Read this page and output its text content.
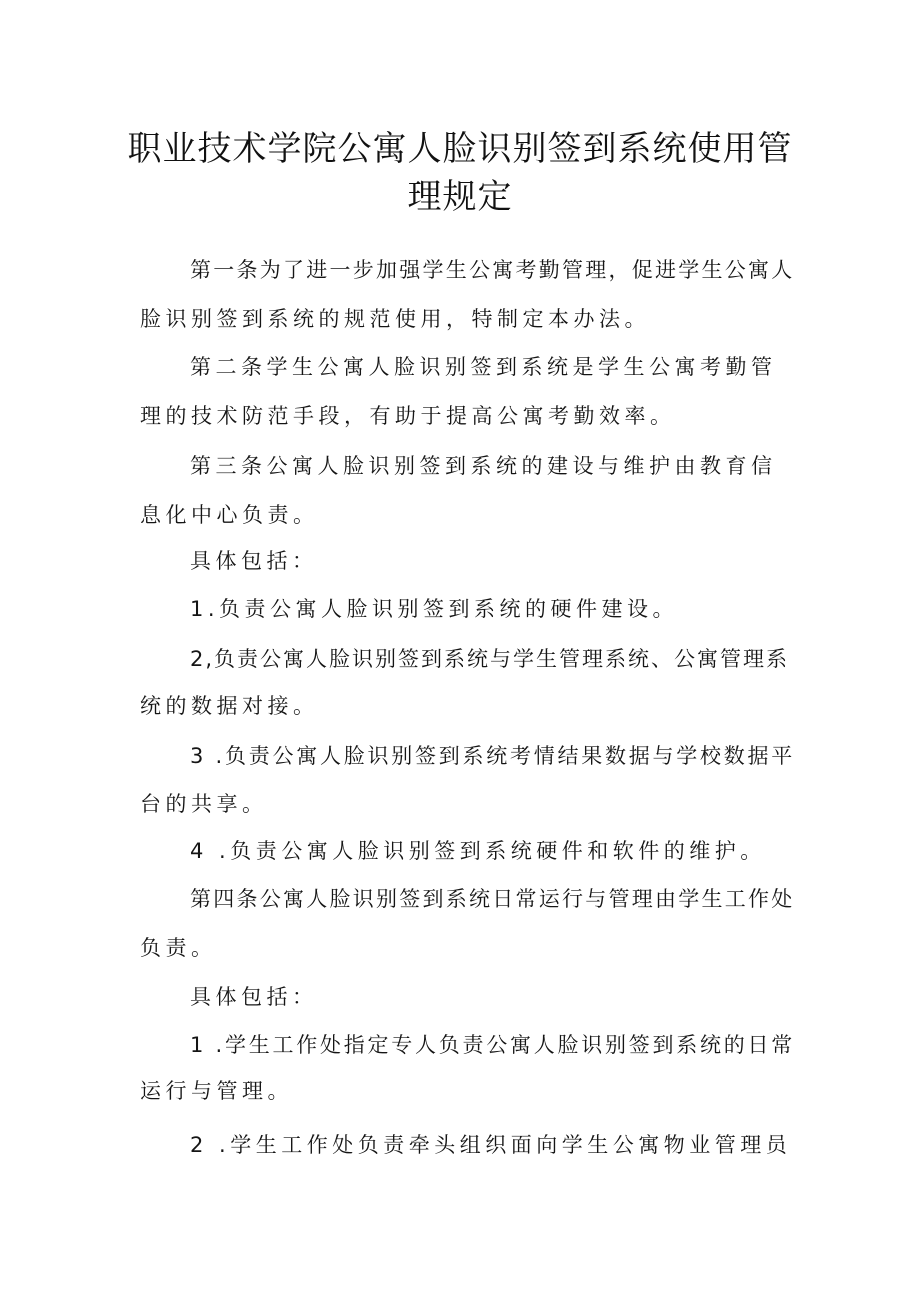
职业技术学院公寓人脸识别签到系统使用管
理规定
第一条为了进一步加强学生公寓考勤管理，促进学生公寓人
脸识别签到系统的规范使用，特制定本办法。
第二条学生公寓人脸识别签到系统是学生公寓考勤管
理的技术防范手段，有助于提高公寓考勤效率。
第三条公寓人脸识别签到系统的建设与维护由教育信
息化中心负责。
具体包括：
1.负责公寓人脸识别签到系统的硬件建设。
2,负责公寓人脸识别签到系统与学生管理系统、公寓管理系
统的数据对接。
3 .负责公寓人脸识别签到系统考情结果数据与学校数据平
台的共享。
4 .负责公寓人脸识别签到系统硬件和软件的维护。
第四条公寓人脸识别签到系统日常运行与管理由学生工作处
负责。
具体包括：
1 .学生工作处指定专人负责公寓人脸识别签到系统的日常
运行与管理。
2 .学生工作处负责牵头组织面向学生公寓物业管理员
